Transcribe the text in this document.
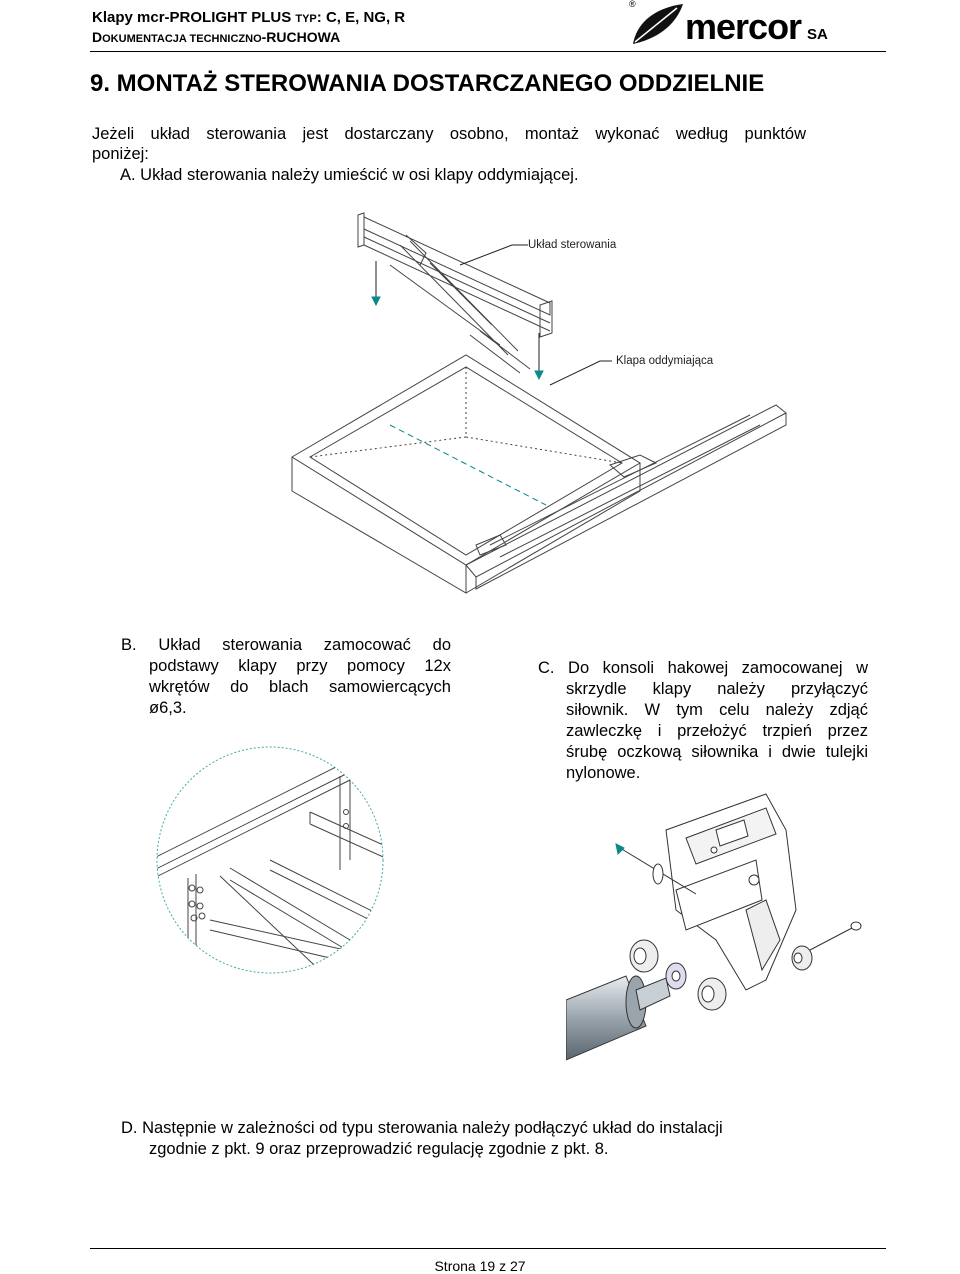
Klapy mcr-PROLIGHT PLUS TYP: C, E, NG, R
DOKUMENTACJA TECHNICZNO-RUCHOWA
®
mercor SA
9. MONTAŻ STEROWANIA DOSTARCZANEGO ODDZIELNIE
Jeżeli układ sterowania jest dostarczany osobno, montaż wykonać według punktów
poniżej:
A. Układ sterowania należy umieścić w osi klapy oddymiającej.
Układ sterowania
Klapa oddymiająca
B. Układ sterowania zamocować do
podstawy klapy przy pomocy 12x
wkrętów do blach samowiercących
ø6,3.
C. Do konsoli hakowej zamocowanej w
skrzydle klapy należy przyłączyć
siłownik. W tym celu należy zdjąć
zawleczkę i przełożyć trzpień przez
śrubę oczkową siłownika i dwie tulejki
nylonowe.
D. Następnie w zależności od typu sterowania należy podłączyć układ do instalacji
zgodnie z pkt. 9 oraz przeprowadzić regulację zgodnie z pkt. 8.
Strona 19 z 27
